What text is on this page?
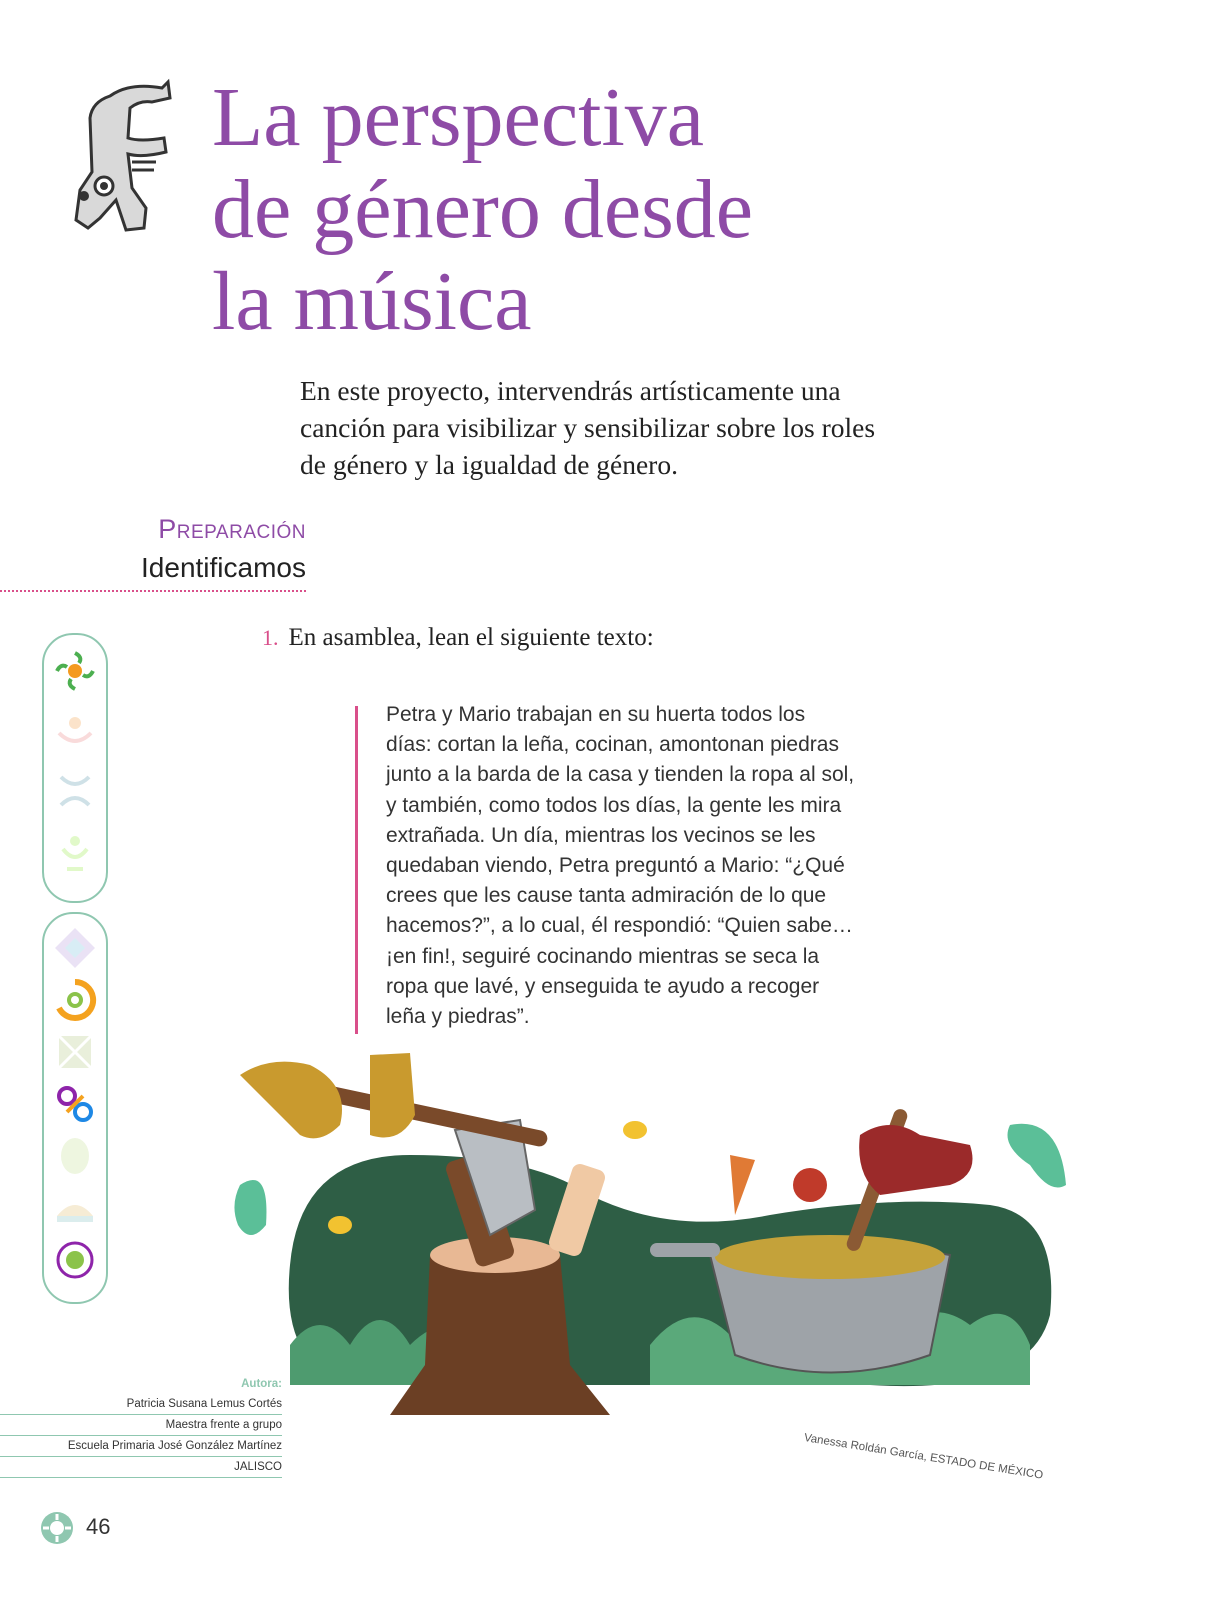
La perspectiva
de género desde
la música

En este proyecto, intervendrás artísticamente una
canción para visibilizar y sensibilizar sobre los roles
de género y la igualdad de género.

Preparación
Identificamos
1. En asamblea, lean el siguiente texto:
Petra y Mario trabajan en su huerta todos los
días: cortan la leña, cocinan, amontonan piedras
junto a la barda de la casa y tienden la ropa al sol,
y también, como todos los días, la gente les mira
extrañada. Un día, mientras los vecinos se les
quedaban viendo, Petra preguntó a Mario: “¿Qué
crees que les cause tanta admiración de lo que
hacemos?”, a lo cual, él respondió: “Quien sabe…
¡en fin!, seguiré cocinando mientras se seca la
ropa que lavé, y enseguida te ayudo a recoger
leña y piedras”.
Vanessa Roldán García, ESTADO DE MÉXICO
Autora:
Patricia Susana Lemus Cortés
Maestra frente a grupo
Escuela Primaria José González Martínez
JALISCO
46
